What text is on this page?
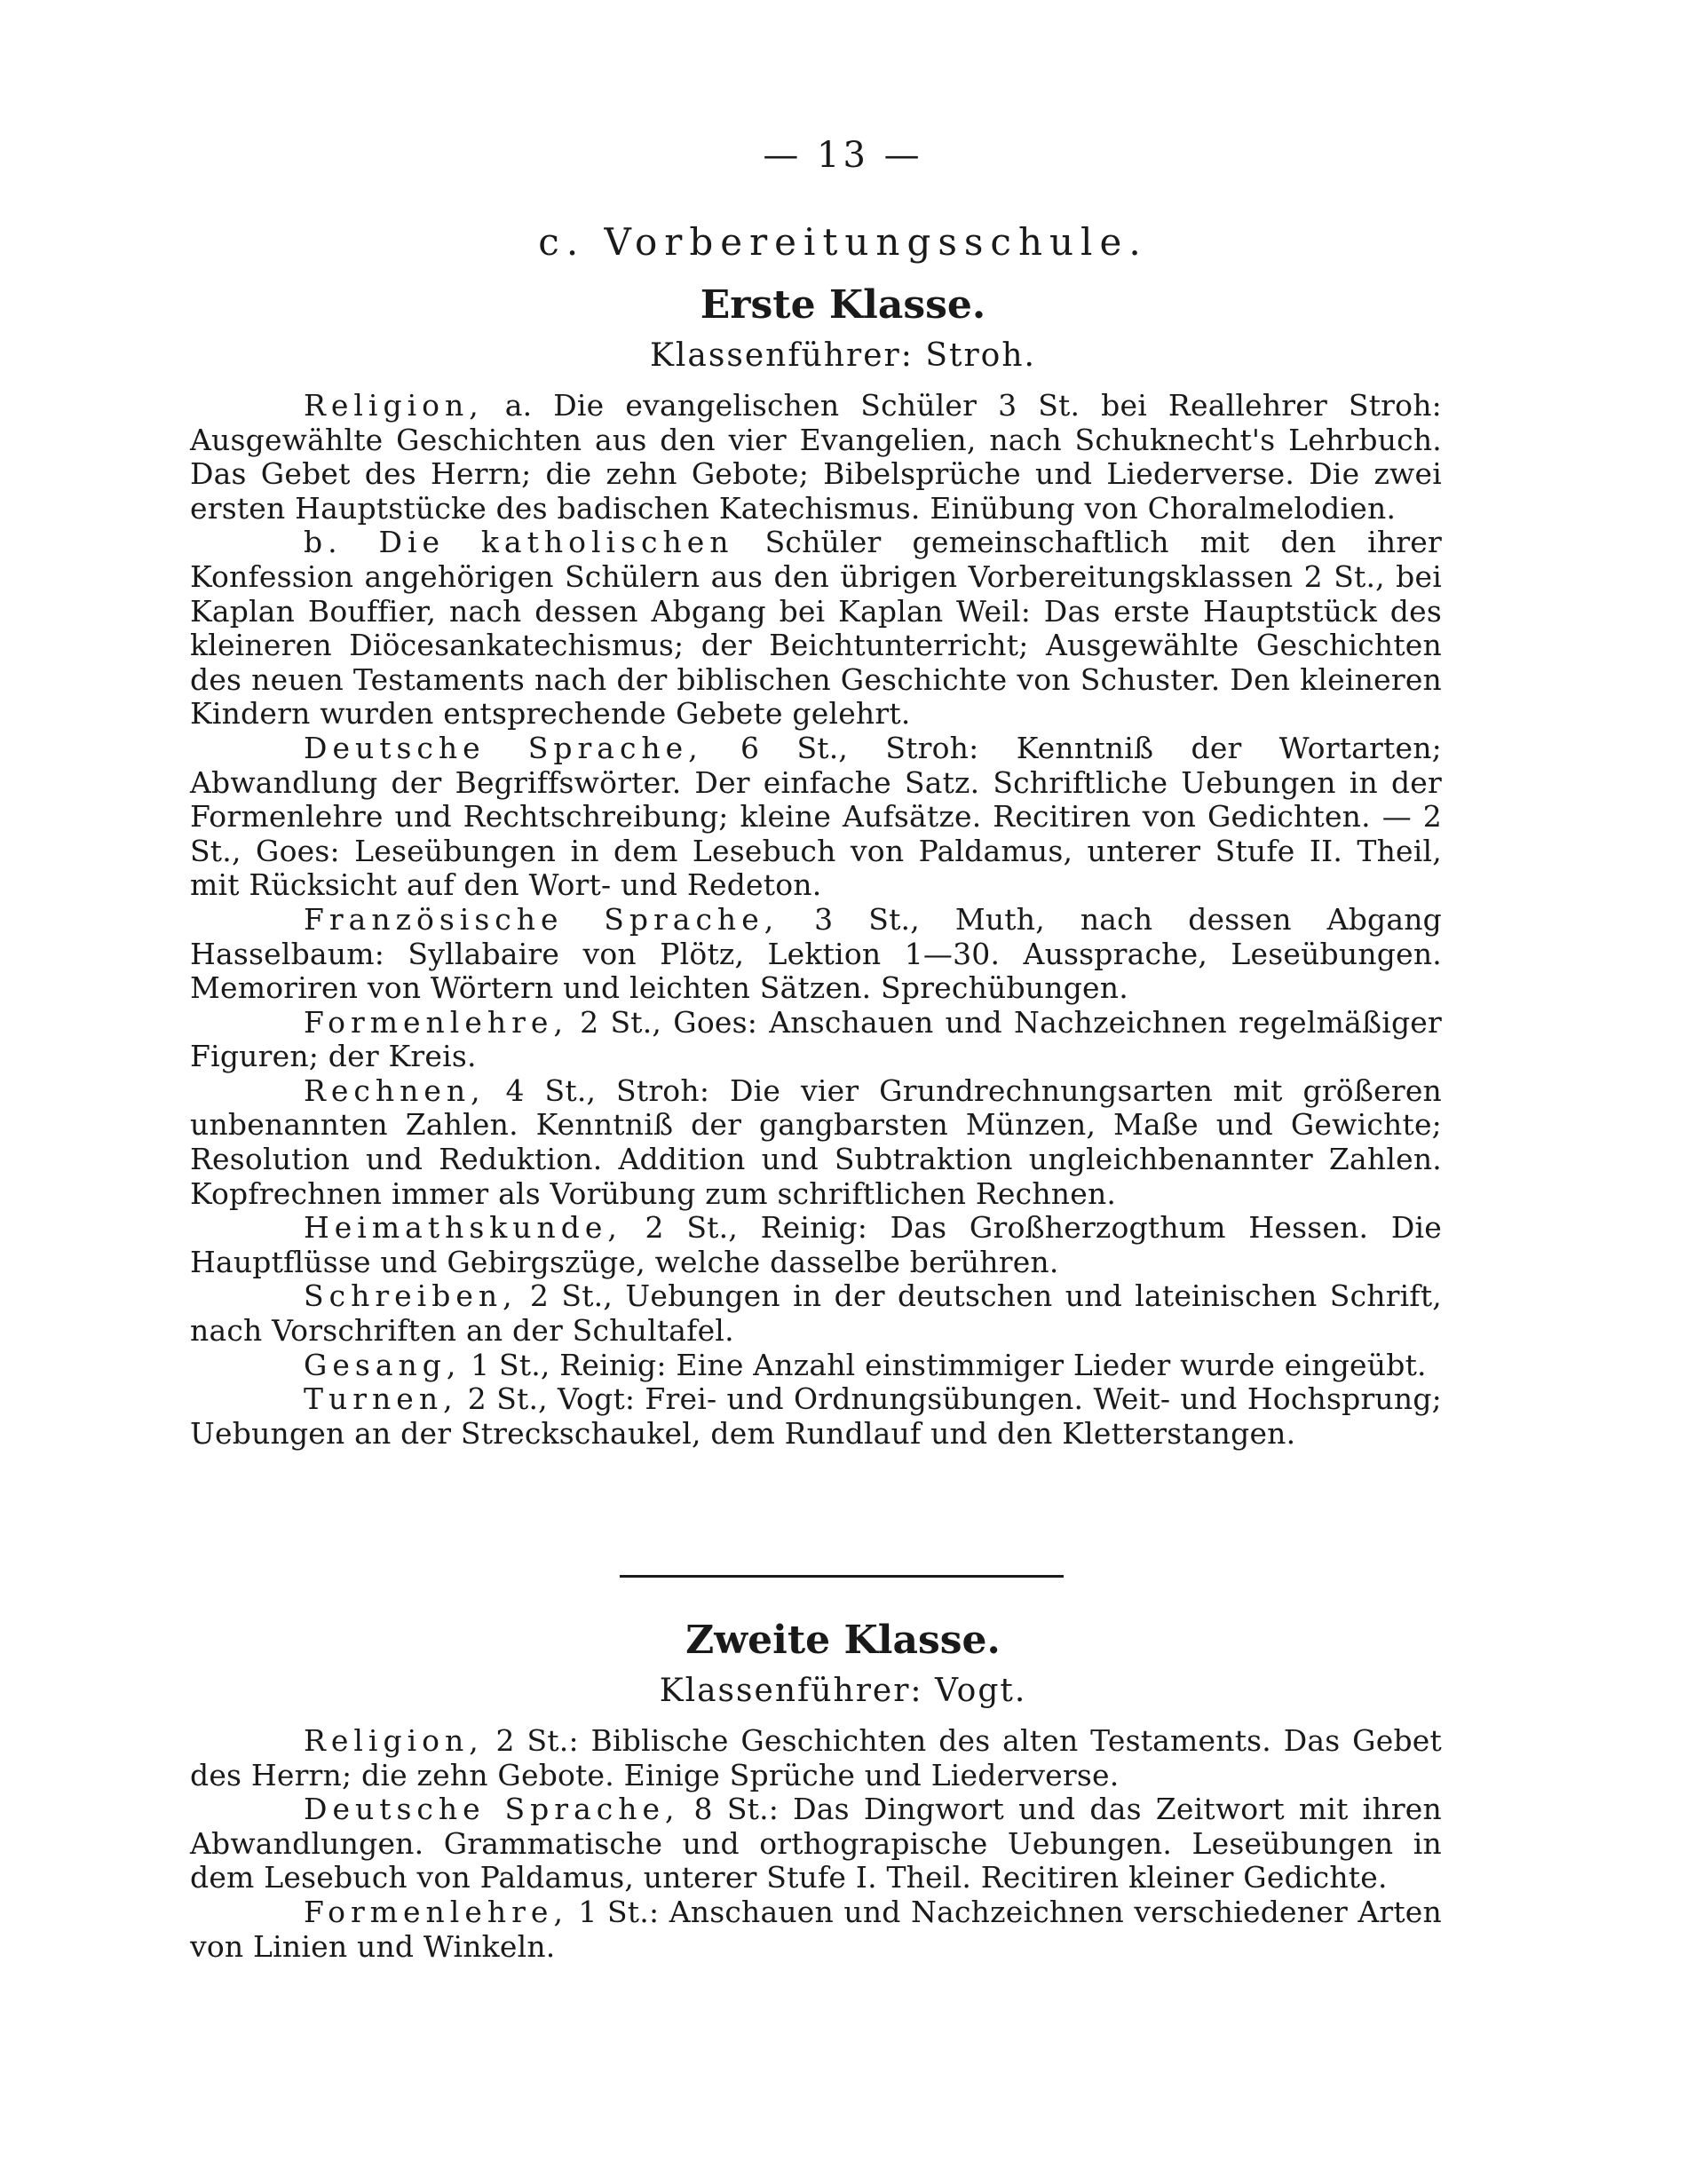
— 13 —
c. Vorbereitungsschule.
Erste Klasse.
Klassenführer: Stroh.

Religion, a. Die evangelischen Schüler 3 St. bei Reallehrer Stroh: Ausgewählte Geschichten aus den vier Evangelien, nach Schuknecht's Lehrbuch. Das Gebet des Herrn; die zehn Gebote; Bibelsprüche und Liederverse. Die zwei ersten Hauptstücke des badischen Katechismus. Einübung von Choralmelodien.

b. Die katholischen Schüler gemeinschaftlich mit den ihrer Konfession angehörigen Schülern aus den übrigen Vorbereitungsklassen 2 St., bei Kaplan Bouffier, nach dessen Abgang bei Kaplan Weil: Das erste Hauptstück des kleineren Diöcesankatechismus; der Beichtunterricht; Ausgewählte Geschichten des neuen Testaments nach der biblischen Geschichte von Schuster. Den kleineren Kindern wurden entsprechende Gebete gelehrt.

Deutsche Sprache, 6 St., Stroh: Kenntniß der Wortarten; Abwandlung der Begriffswörter. Der einfache Satz. Schriftliche Uebungen in der Formenlehre und Rechtschreibung; kleine Aufsätze. Recitiren von Gedichten. — 2 St., Goes: Leseübungen in dem Lesebuch von Paldamus, unterer Stufe II. Theil, mit Rücksicht auf den Wort- und Redeton.

Französische Sprache, 3 St., Muth, nach dessen Abgang Hasselbaum: Syllabaire von Plötz, Lektion 1—30. Aussprache, Leseübungen. Memoriren von Wörtern und leichten Sätzen. Sprechübungen.

Formenlehre, 2 St., Goes: Anschauen und Nachzeichnen regelmäßiger Figuren; der Kreis.

Rechnen, 4 St., Stroh: Die vier Grundrechnungsarten mit größeren unbenannten Zahlen. Kenntniß der gangbarsten Münzen, Maße und Gewichte; Resolution und Reduktion. Addition und Subtraktion ungleichbenannter Zahlen. Kopfrechnen immer als Vorübung zum schriftlichen Rechnen.

Heimathskunde, 2 St., Reinig: Das Großherzogthum Hessen. Die Hauptflüsse und Gebirgszüge, welche dasselbe berühren.

Schreiben, 2 St., Uebungen in der deutschen und lateinischen Schrift, nach Vorschriften an der Schultafel.

Gesang, 1 St., Reinig: Eine Anzahl einstimmiger Lieder wurde eingeübt.

Turnen, 2 St., Vogt: Frei- und Ordnungsübungen. Weit- und Hochsprung; Uebungen an der Streckschaukel, dem Rundlauf und den Kletterstangen.

Zweite Klasse.
Klassenführer: Vogt.

Religion, 2 St.: Biblische Geschichten des alten Testaments. Das Gebet des Herrn; die zehn Gebote. Einige Sprüche und Liederverse.

Deutsche Sprache, 8 St.: Das Dingwort und das Zeitwort mit ihren Abwandlungen. Grammatische und orthograpische Uebungen. Leseübungen in dem Lesebuch von Paldamus, unterer Stufe I. Theil. Recitiren kleiner Gedichte.

Formenlehre, 1 St.: Anschauen und Nachzeichnen verschiedener Arten von Linien und Winkeln.
